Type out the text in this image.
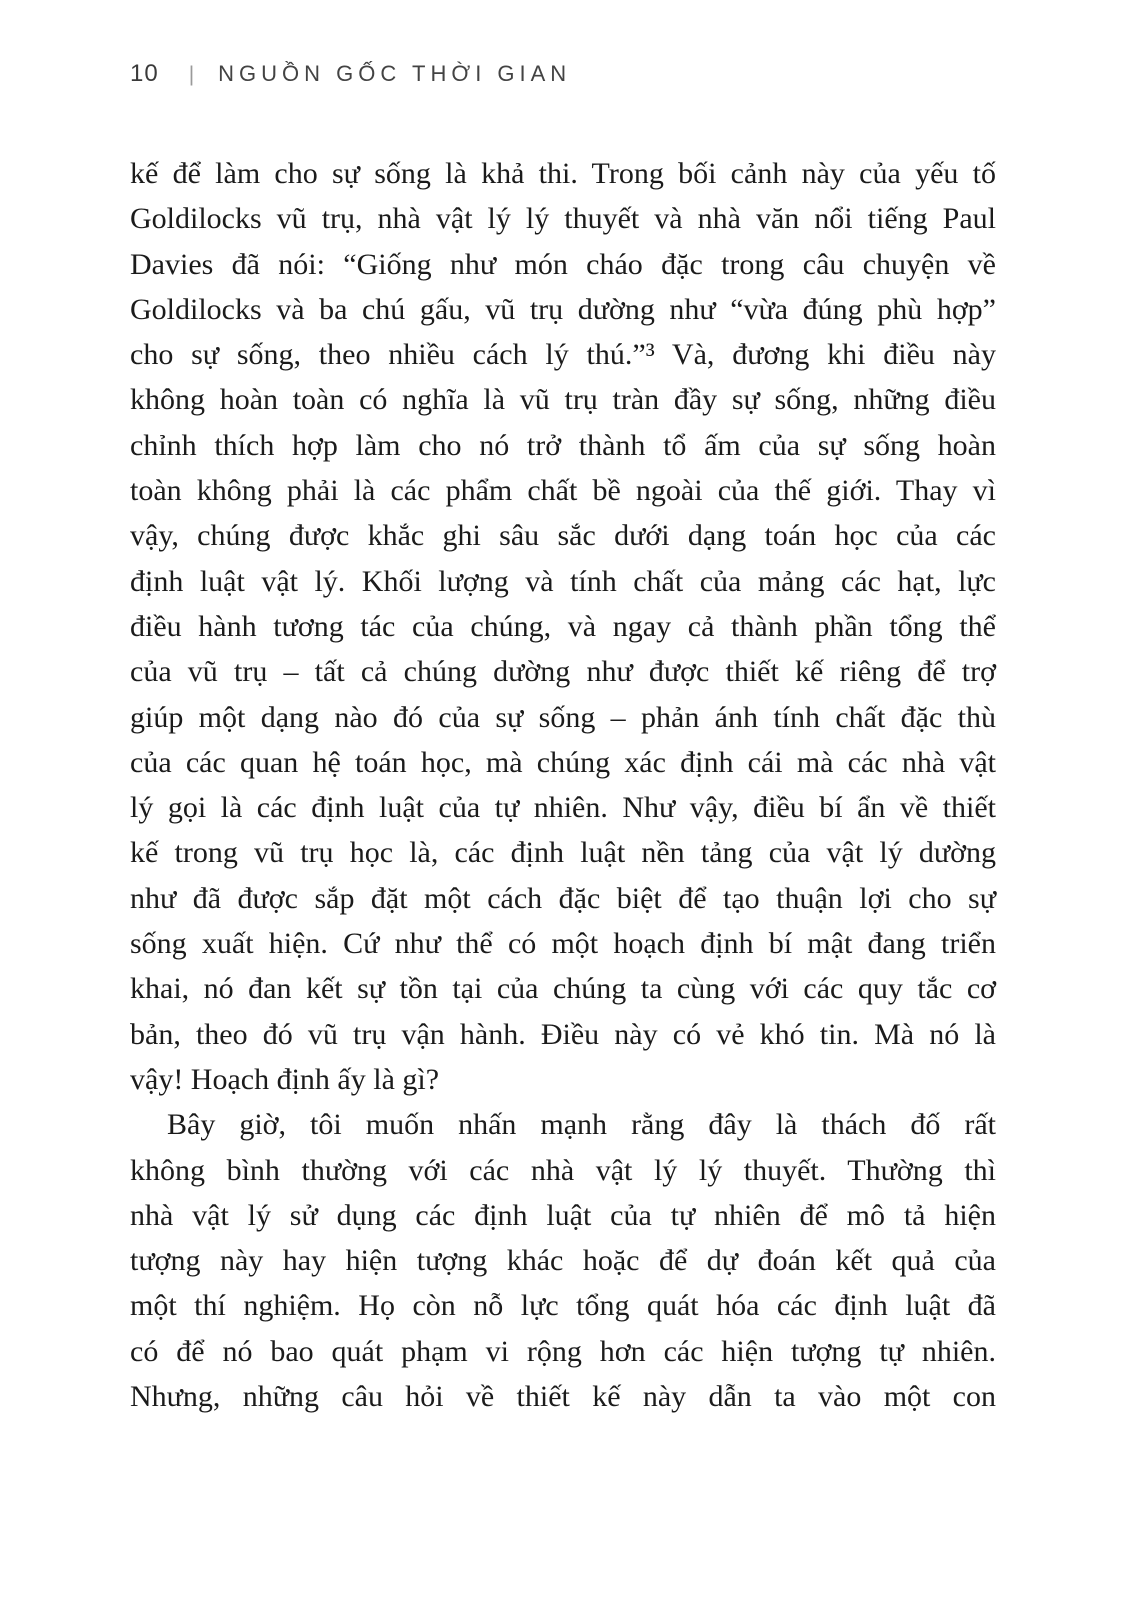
10 | NGUỒN GỐC THỜI GIAN
kế để làm cho sự sống là khả thi. Trong bối cảnh này của yếu tố
Goldilocks vũ trụ, nhà vật lý lý thuyết và nhà văn nổi tiếng Paul
Davies đã nói: “Giống như món cháo đặc trong câu chuyện về
Goldilocks và ba chú gấu, vũ trụ dường như “vừa đúng phù hợp”
cho sự sống, theo nhiều cách lý thú.”³ Và, đương khi điều này
không hoàn toàn có nghĩa là vũ trụ tràn đầy sự sống, những điều
chỉnh thích hợp làm cho nó trở thành tổ ấm của sự sống hoàn
toàn không phải là các phẩm chất bề ngoài của thế giới. Thay vì
vậy, chúng được khắc ghi sâu sắc dưới dạng toán học của các
định luật vật lý. Khối lượng và tính chất của mảng các hạt, lực
điều hành tương tác của chúng, và ngay cả thành phần tổng thể
của vũ trụ – tất cả chúng dường như được thiết kế riêng để trợ
giúp một dạng nào đó của sự sống – phản ánh tính chất đặc thù
của các quan hệ toán học, mà chúng xác định cái mà các nhà vật
lý gọi là các định luật của tự nhiên. Như vậy, điều bí ẩn về thiết
kế trong vũ trụ học là, các định luật nền tảng của vật lý dường
như đã được sắp đặt một cách đặc biệt để tạo thuận lợi cho sự
sống xuất hiện. Cứ như thể có một hoạch định bí mật đang triển
khai, nó đan kết sự tồn tại của chúng ta cùng với các quy tắc cơ
bản, theo đó vũ trụ vận hành. Điều này có vẻ khó tin. Mà nó là
vậy! Hoạch định ấy là gì?
Bây giờ, tôi muốn nhấn mạnh rằng đây là thách đố rất
không bình thường với các nhà vật lý lý thuyết. Thường thì
nhà vật lý sử dụng các định luật của tự nhiên để mô tả hiện
tượng này hay hiện tượng khác hoặc để dự đoán kết quả của
một thí nghiệm. Họ còn nỗ lực tổng quát hóa các định luật đã
có để nó bao quát phạm vi rộng hơn các hiện tượng tự nhiên.
Nhưng, những câu hỏi về thiết kế này dẫn ta vào một con
